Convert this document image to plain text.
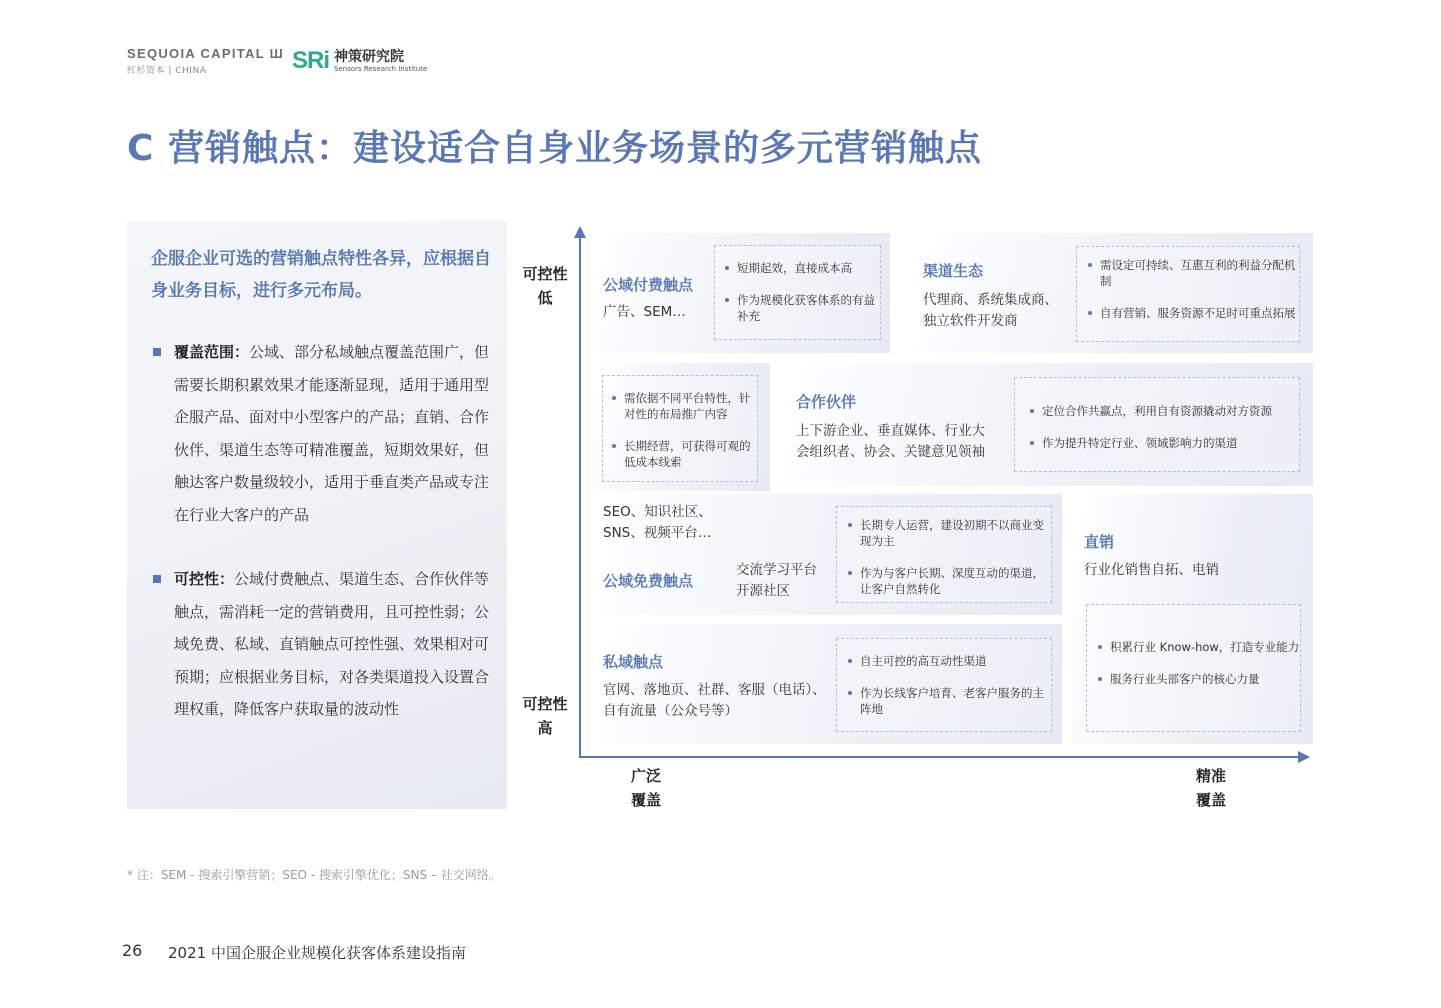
SEQUOIA CAPITAL Ш
红杉资本 | CHINA	SRi 神策研究院
Sensors Research Institute
C 营销触点：建设适合自身业务场景的多元营销触点
企服企业可选的营销触点特性各异，应根据自身业务目标，进行多元布局。
覆盖范围：公域、部分私域触点覆盖范围广，但需要长期积累效果才能逐渐显现，适用于通用型企服产品、面对中小型客户的产品；直销、合作伙伴、渠道生态等可精准覆盖，短期效果好，但触达客户数量级较小，适用于垂直类产品或专注在行业大客户的产品
可控性：公域付费触点、渠道生态、合作伙伴等触点，需消耗一定的营销费用，且可控性弱；公域免费、私域、直销触点可控性强、效果相对可预期；应根据业务目标，对各类渠道投入设置合理权重，降低客户获取量的波动性
可控性
低
可控性
高
广泛
覆盖
精准
覆盖
公域付费触点
广告、SEM…
短期起效，直接成本高
作为规模化获客体系的有益补充
渠道生态
代理商、系统集成商、
独立软件开发商
需设定可持续、互惠互利的利益分配机制
自有营销、服务资源不足时可重点拓展
需依据不同平台特性，针对性的布局推广内容
长期经营，可获得可观的低成本线索
合作伙伴
上下游企业、垂直媒体、行业大
会组织者、协会、关键意见领袖
定位合作共赢点，利用自有资源撬动对方资源
作为提升特定行业、领域影响力的渠道
SEO、知识社区、
SNS、视频平台…
公域免费触点
交流学习平台
开源社区
长期专人运营，建设初期不以商业变现为主
作为与客户长期、深度互动的渠道，让客户自然转化
直销
行业化销售自拓、电销
积累行业 Know-how，打造专业能力
服务行业头部客户的核心力量
私域触点
官网、落地页、社群、客服（电话）、
自有流量（公众号等）
自主可控的高互动性渠道
作为长线客户培育、老客户服务的主阵地
* 注：SEM - 搜索引擎营销；SEO - 搜索引擎优化；SNS – 社交网络。
26 2021 中国企服企业规模化获客体系建设指南
